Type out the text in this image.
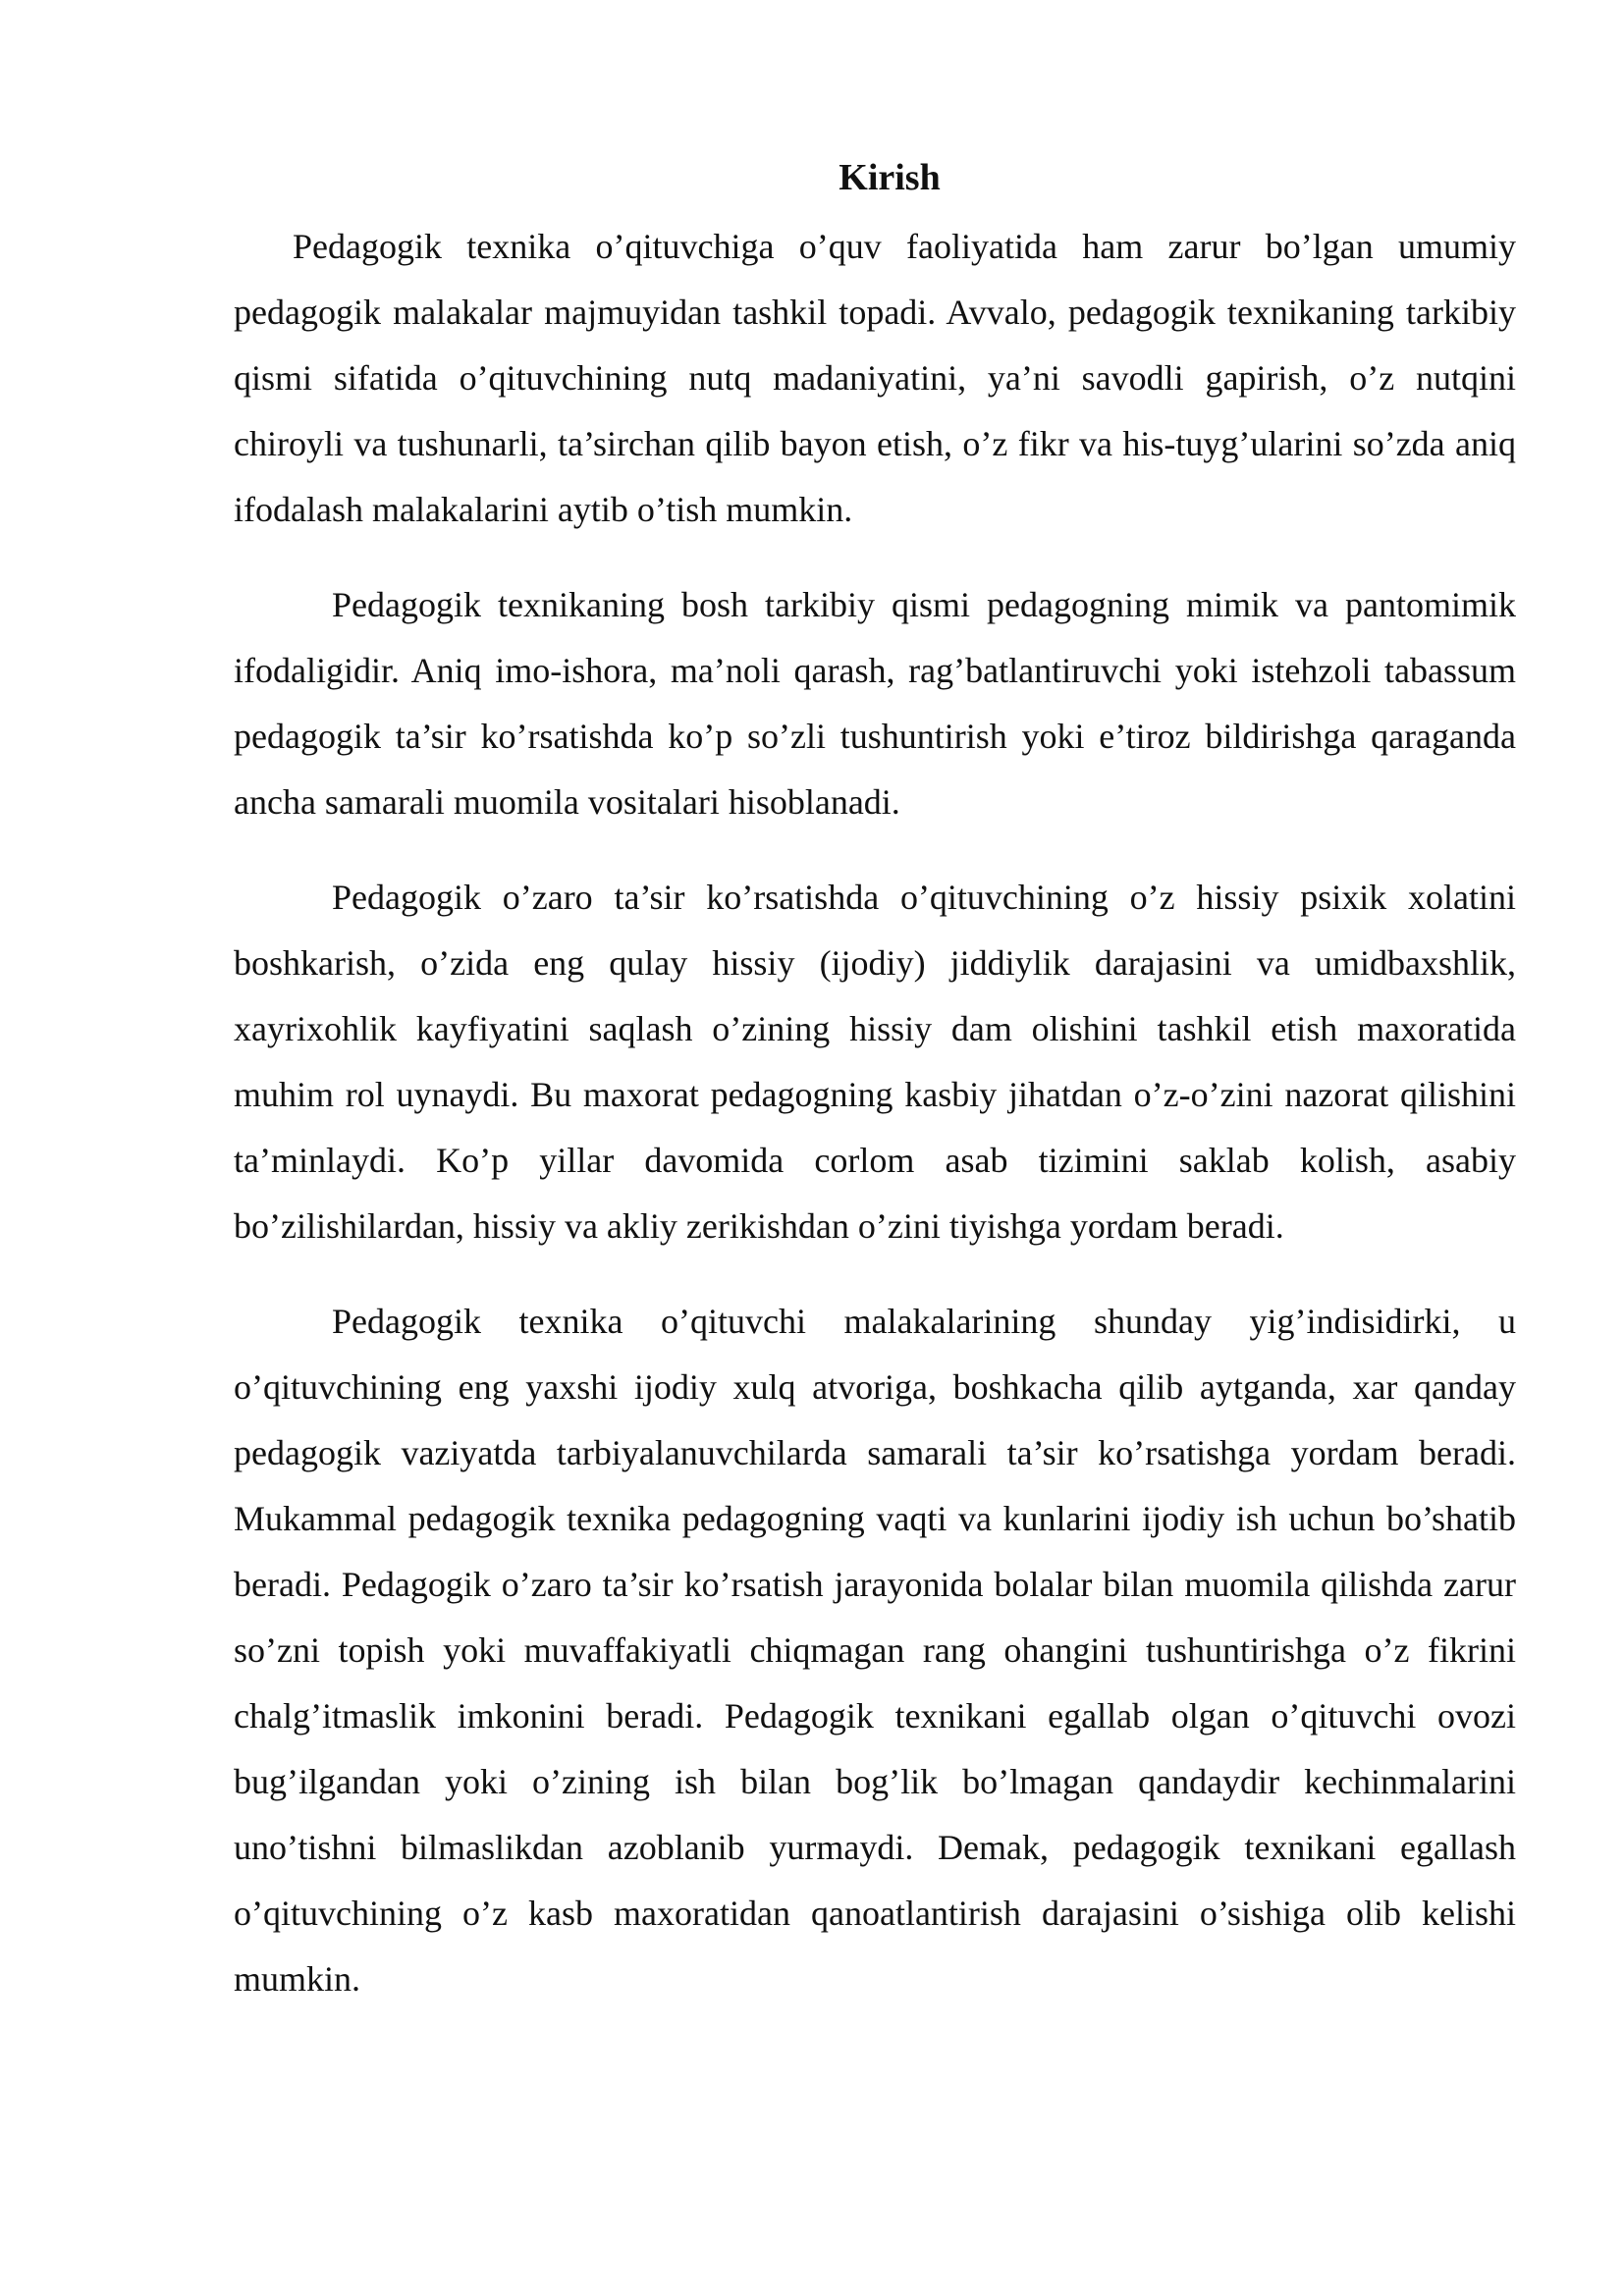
Kirish

Pedagogik texnika o’qituvchiga o’quv faoliyatida ham zarur bo’lgan umumiy pedagogik malakalar majmuyidan tashkil topadi. Avvalo, pedagogik texnikaning tarkibiy qismi sifatida o’qituvchining nutq madaniyatini, ya’ni savodli gapirish, o’z nutqini chiroyli va tushunarli, ta’sirchan qilib bayon etish, o’z fikr va his-tuyg’ularini so’zda aniq ifodalash malakalarini aytib o’tish mumkin.

Pedagogik texnikaning bosh tarkibiy qismi pedagogning mimik va pantomimik ifodaligidir. Aniq imo-ishora, ma’noli qarash, rag’batlantiruvchi yoki istehzoli tabassum pedagogik ta’sir ko’rsatishda ko’p so’zli tushuntirish yoki e’tiroz bildirishga qaraganda ancha samarali muomila vositalari hisoblanadi.

Pedagogik o’zaro ta’sir ko’rsatishda o’qituvchining o’z hissiy psixik xolatini boshkarish, o’zida eng qulay hissiy (ijodiy) jiddiylik darajasini va umidbaxshlik, xayrixohlik kayfiyatini saqlash o’zining hissiy dam olishini tashkil etish maxoratida muhim rol uynaydi. Bu maxorat pedagogning kasbiy jihatdan o’z-o’zini nazorat qilishini ta’minlaydi. Ko’p yillar davomida corlom asab tizimini saklab kolish, asabiy bo’zilishilardan, hissiy va akliy zerikishdan o’zini tiyishga yordam beradi.

Pedagogik texnika o’qituvchi malakalarining shunday yig’indisidirki, u o’qituvchining eng yaxshi ijodiy xulq atvoriga, boshkacha qilib aytganda, xar qanday pedagogik vaziyatda tarbiyalanuvchilarda samarali ta’sir ko’rsatishga yordam beradi. Mukammal pedagogik texnika pedagogning vaqti va kunlarini ijodiy ish uchun bo’shatib beradi. Pedagogik o’zaro ta’sir ko’rsatish jarayonida bolalar bilan muomila qilishda zarur so’zni topish yoki muvaffakiyatli chiqmagan rang ohangini tushuntirishga o’z fikrini chalg’itmaslik imkonini beradi. Pedagogik texnikani egallab olgan o’qituvchi ovozi bug’ilgandan yoki o’zining ish bilan bog’lik bo’lmagan qandaydir kechinmalarini uno’tishni bilmaslikdan azoblanib yurmaydi. Demak, pedagogik texnikani egallash o’qituvchining o’z kasb maxoratidan qanoatlantirish darajasini o’sishiga olib kelishi mumkin.
